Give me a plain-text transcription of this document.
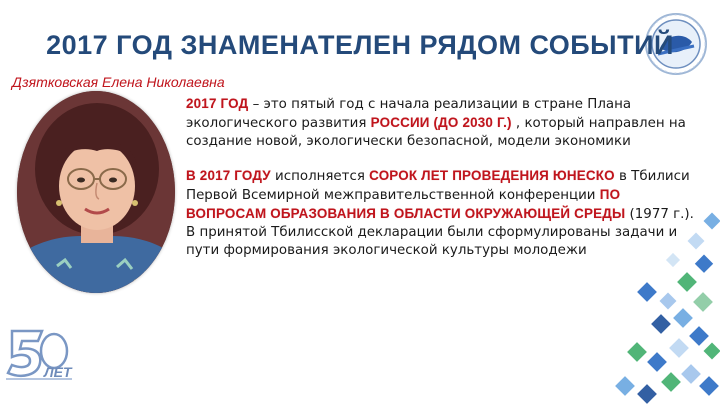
2017 ГОД ЗНАМЕНАТЕЛЕН РЯДОМ СОБЫТИЙ
Дзятковская Елена Николаевна

2017 ГОД – это пятый год с начала реализации в стране Плана экологического развития РОССИИ (ДО 2030 Г.) , который направлен на создание новой, экологически безопасной, модели экономики

В 2017 ГОДУ исполняется СОРОК ЛЕТ ПРОВЕДЕНИЯ ЮНЕСКО в Тбилиси Первой Всемирной межправительственной конференции ПО ВОПРОСАМ ОБРАЗОВАНИЯ В ОБЛАСТИ ОКРУЖАЮЩЕЙ СРЕДЫ (1977 г.). В принятой Тбилисской декларации были сформулированы задачи и пути формирования экологической культуры молодежи

ЛЕТ
